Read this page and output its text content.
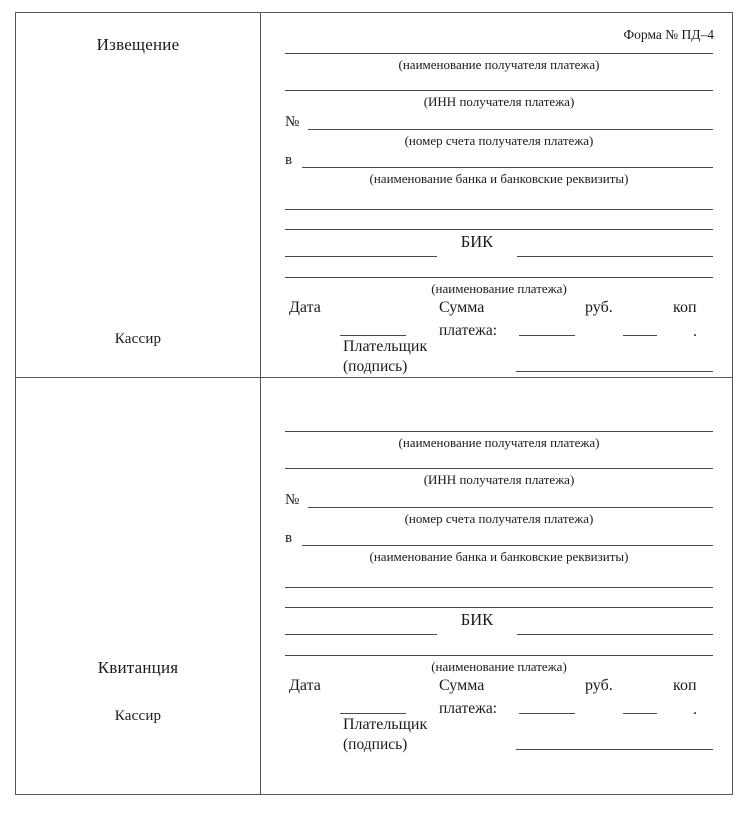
Извещение
Кассир
Форма № ПД–4
(наименование получателя платежа)
(ИНН получателя платежа)
№
(номер счета получателя платежа)
в
(наименование банка и банковские реквизиты)
БИК
(наименование платежа)
Дата	Сумма	руб.	коп
платежа:	.
Плательщик
(подпись)
Квитанция
Кассир
(наименование получателя платежа)
(ИНН получателя платежа)
№
(номер счета получателя платежа)
в
(наименование банка и банковские реквизиты)
БИК
(наименование платежа)
Дата	Сумма	руб.	коп
платежа:	.
Плательщик
(подпись)
